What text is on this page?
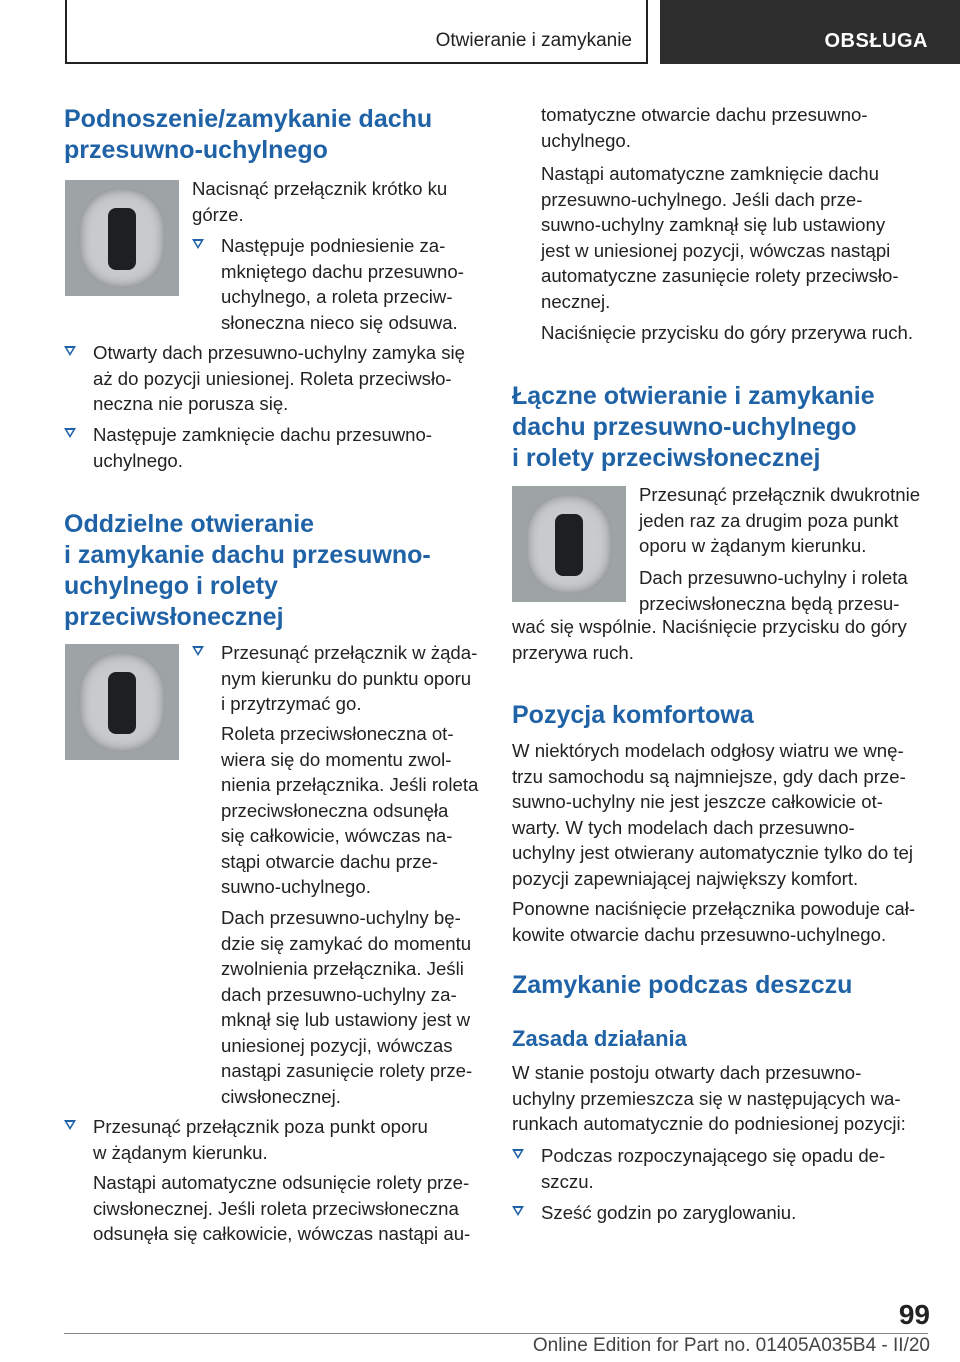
Otwieranie i zamykanie	OBSŁUGA
Podnoszenie/zamykanie dachu
przesuwno-uchylnego

Nacisnąć przełącznik krótko ku
górze.

Następuje podniesienie za-
mkniętego dachu przesuwno-
uchylnego, a roleta przeciw-
słoneczna nieco się odsuwa.
Otwarty dach przesuwno-uchylny zamyka się
aż do pozycji uniesionej. Roleta przeciwsło-
neczna nie porusza się.
Następuje zamknięcie dachu przesuwno-
uchylnego.
Oddzielne otwieranie
i zamykanie dachu przesuwno-
uchylnego i rolety
przeciwsłonecznej
Przesunąć przełącznik w żąda-
nym kierunku do punktu oporu
i przytrzymać go.

Roleta przeciwsłoneczna ot-
wiera się do momentu zwol-
nienia przełącznika. Jeśli roleta
przeciwsłoneczna odsunęła
się całkowicie, wówczas na-
stąpi otwarcie dachu prze-
suwno-uchylnego.

Dach przesuwno-uchylny bę-
dzie się zamykać do momentu
zwolnienia przełącznika. Jeśli
dach przesuwno-uchylny za-
mknął się lub ustawiony jest w
uniesionej pozycji, wówczas
nastąpi zasunięcie rolety prze-
ciwsłonecznej.

Przesunąć przełącznik poza punkt oporu
w żądanym kierunku.

Nastąpi automatyczne odsunięcie rolety prze-
ciwsłonecznej. Jeśli roleta przeciwsłoneczna
odsunęła się całkowicie, wówczas nastąpi au-

tomatyczne otwarcie dachu przesuwno-
uchylnego.

Nastąpi automatyczne zamknięcie dachu
przesuwno-uchylnego. Jeśli dach prze-
suwno-uchylny zamknął się lub ustawiony
jest w uniesionej pozycji, wówczas nastąpi
automatyczne zasunięcie rolety przeciwsło-
necznej.

Naciśnięcie przycisku do góry przerywa ruch.

Łączne otwieranie i zamykanie
dachu przesuwno-uchylnego
i rolety przeciwsłonecznej

Przesunąć przełącznik dwukrotnie
jeden raz za drugim poza punkt
oporu w żądanym kierunku.

Dach przesuwno-uchylny i roleta
przeciwsłoneczna będą przesu-

wać się wspólnie. Naciśnięcie przycisku do góry
przerywa ruch.

Pozycja komfortowa

W niektórych modelach odgłosy wiatru we wnę-
trzu samochodu są najmniejsze, gdy dach prze-
suwno-uchylny nie jest jeszcze całkowicie ot-
warty. W tych modelach dach przesuwno-
uchylny jest otwierany automatycznie tylko do tej
pozycji zapewniającej największy komfort.

Ponowne naciśnięcie przełącznika powoduje cał-
kowite otwarcie dachu przesuwno-uchylnego.

Zamykanie podczas deszczu
Zasada działania

W stanie postoju otwarty dach przesuwno-
uchylny przemieszcza się w następujących wa-
runkach automatycznie do podniesionej pozycji:

Podczas rozpoczynającego się opadu de-
szczu.
Sześć godzin po zaryglowaniu.
99
Online Edition for Part no. 01405A035B4 - II/20
